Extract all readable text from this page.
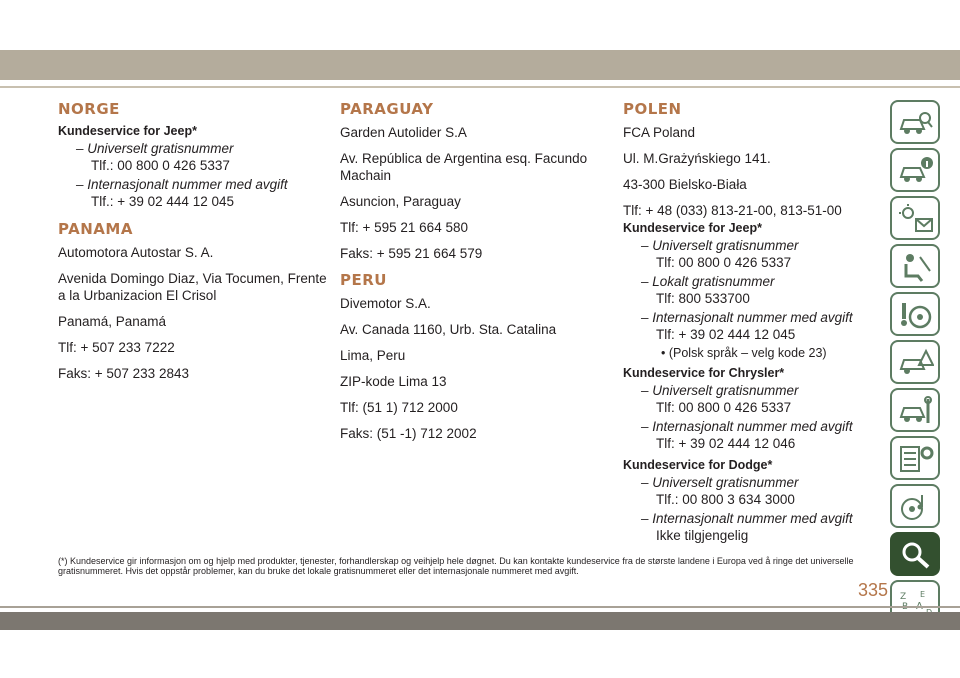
NORGE

Kundeservice for Jeep*

– Universelt gratisnummer

Tlf.: 00 800 0 426 5337

– Internasjonalt nummer med avgift

Tlf.: + 39 02 444 12 045

PANAMA

Automotora Autostar S. A.

Avenida Domingo Diaz, Via Tocumen, Frente a la Urbanizacion El Crisol

Panamá, Panamá

Tlf: + 507 233 7222

Faks: + 507 233 2843

PARAGUAY

Garden Autolider S.A

Av. República de Argentina esq. Facundo Machain

Asuncion, Paraguay

Tlf: + 595 21 664 580

Faks: + 595 21 664 579

PERU

Divemotor S.A.

Av. Canada 1160, Urb. Sta. Catalina

Lima, Peru

ZIP-kode Lima 13

Tlf: (51 1) 712 2000

Faks: (51 -1) 712 2002

POLEN

FCA Poland

Ul. M.Grażyńskiego 141.

43-300 Bielsko-Biała

Tlf: + 48 (033) 813-21-00, 813-51-00

Kundeservice for Jeep*

– Universelt gratisnummer

Tlf: 00 800 0 426 5337

– Lokalt gratisnummer

Tlf: 800 533700

– Internasjonalt nummer med avgift

Tlf: + 39 02 444 12 045

• (Polsk språk – velg kode 23)

Kundeservice for Chrysler*

– Universelt gratisnummer

Tlf: 00 800 0 426 5337

– Internasjonalt nummer med avgift

Tlf: + 39 02 444 12 046

Kundeservice for Dodge*

– Universelt gratisnummer

Tlf.: 00 800 3 634 3000

– Internasjonalt nummer med avgift

Ikke tilgjengelig

Z E
(*) Kundeservice gir informasjon om og hjelp med produkter, tjenester, forhandlerskap og veihjelp hele døgnet. Du kan kontakte kundeservice fra de største landene i Europa ved å ringe det universelle gratisnummeret. Hvis det oppstår problemer, kan du bruke det lokale gratisnummeret eller det internasjonale nummeret med avgift.
335
